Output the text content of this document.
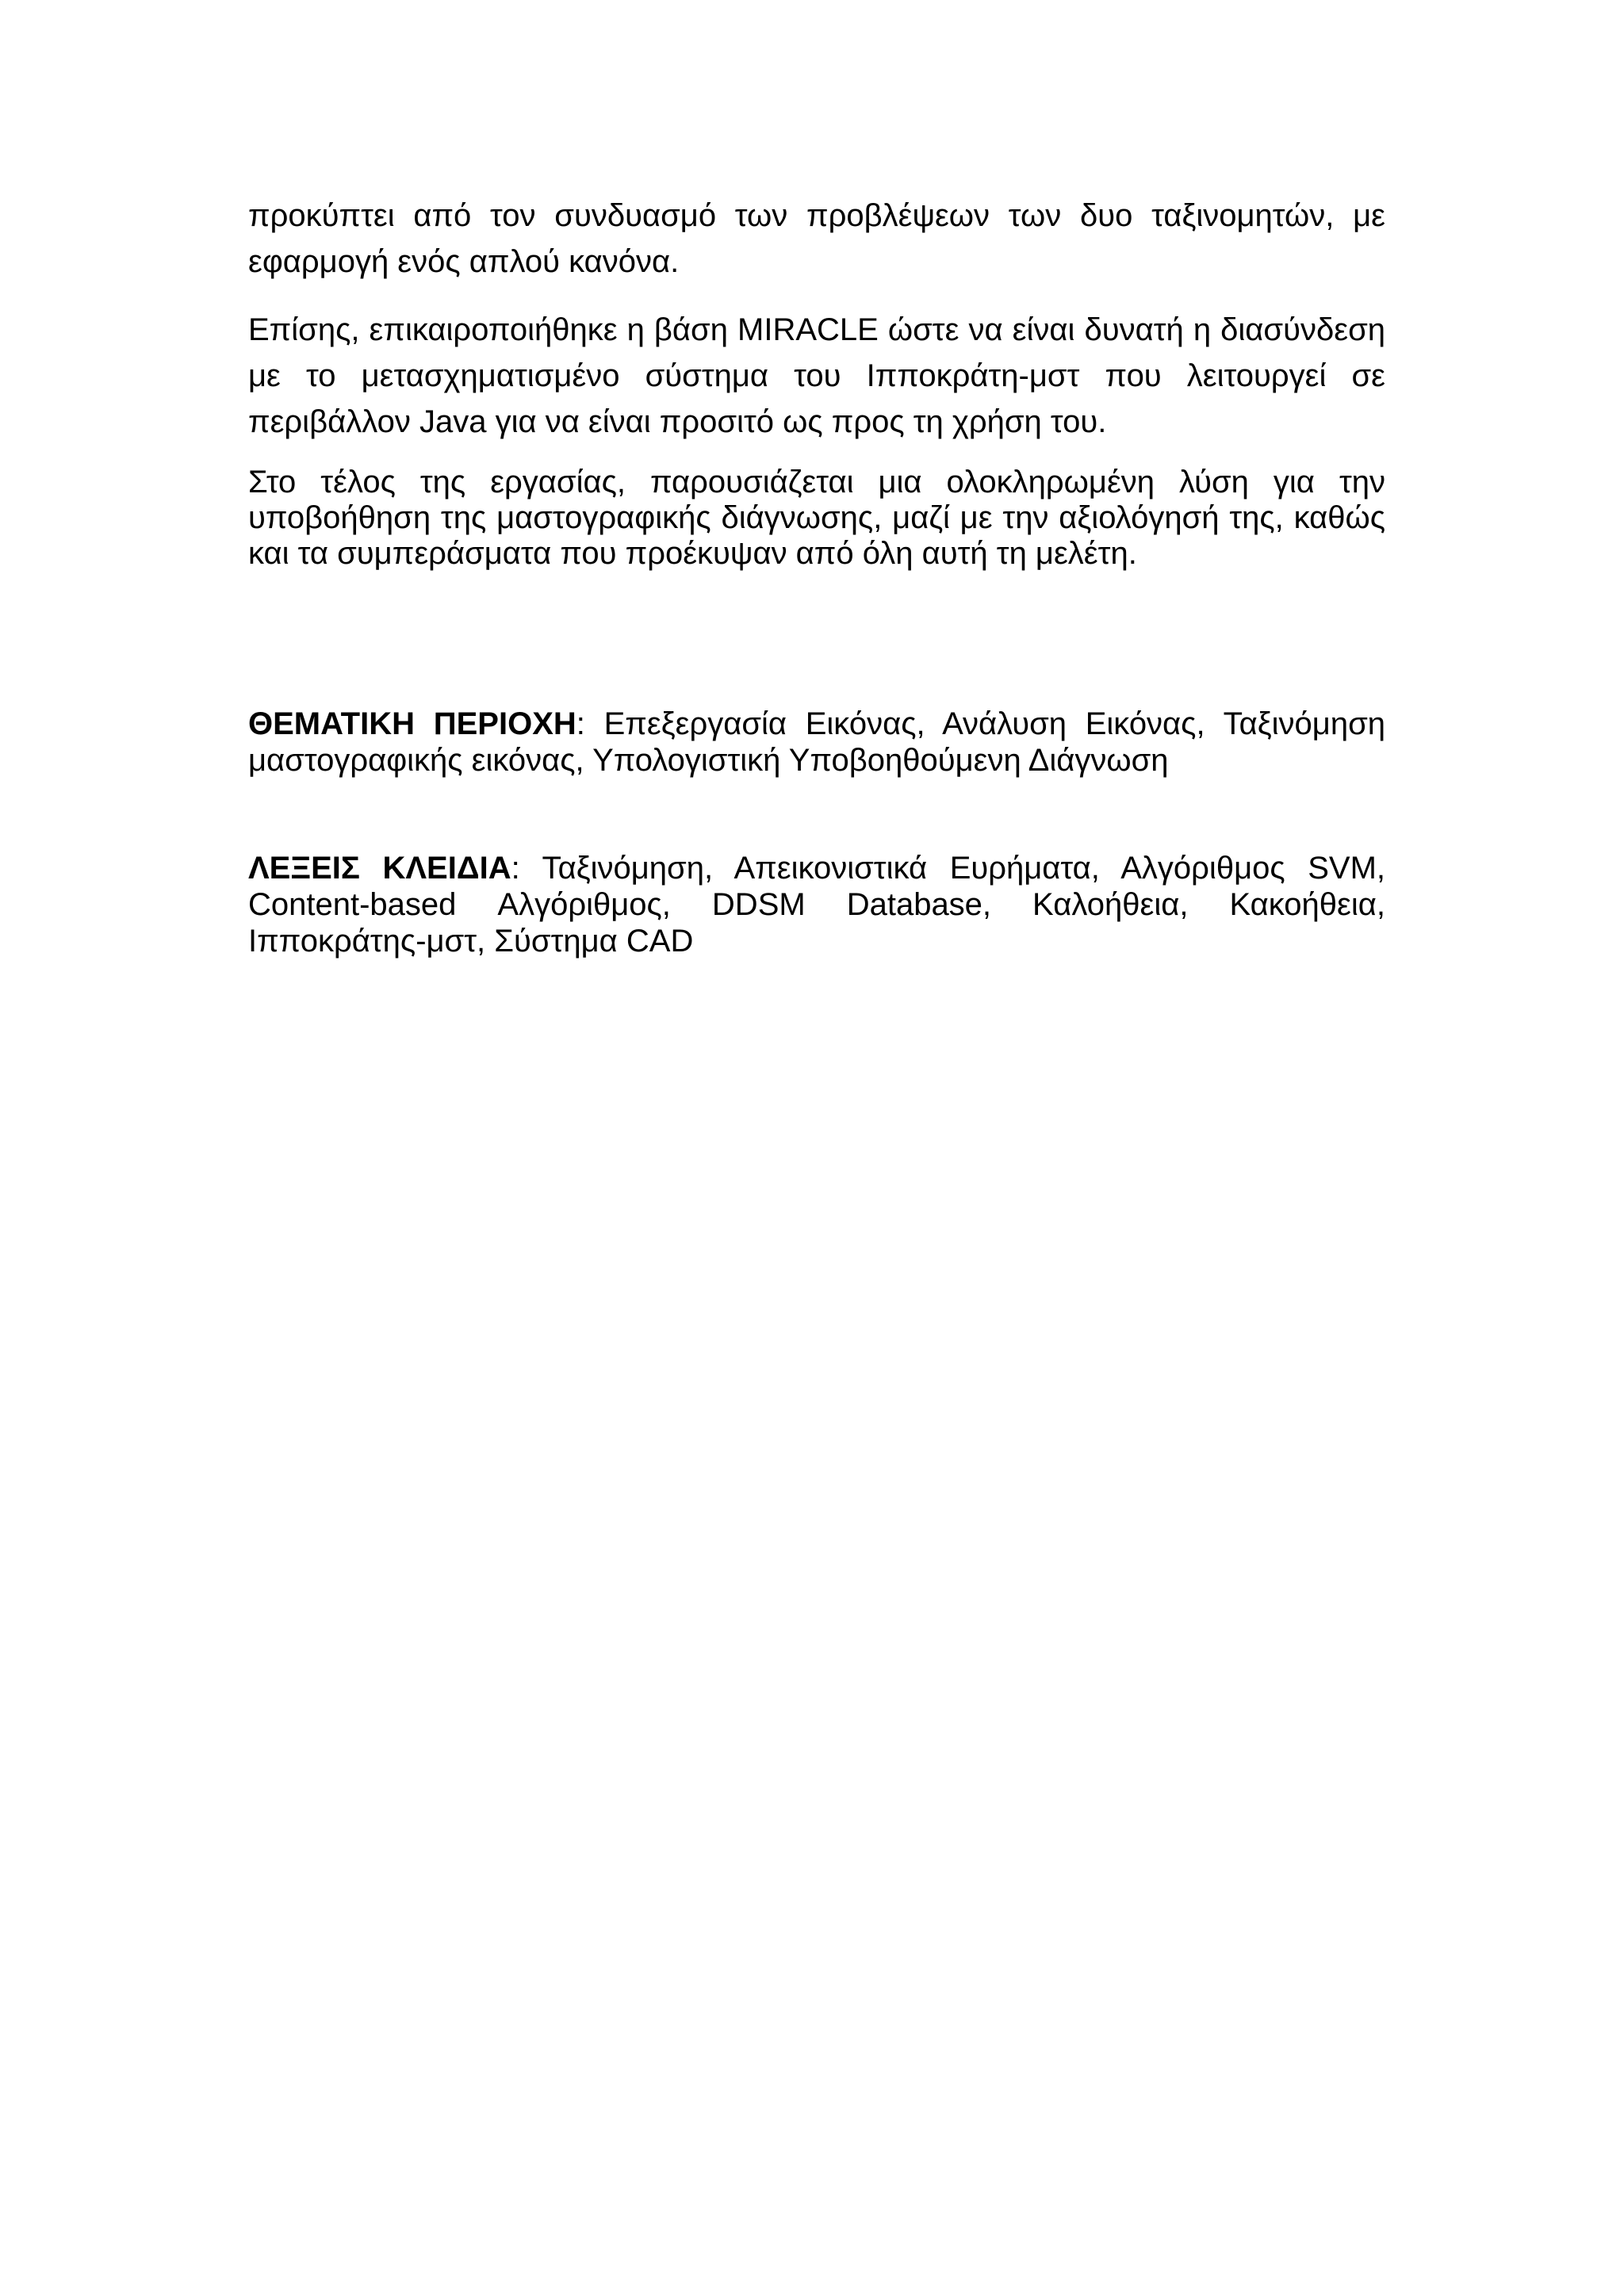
προκύπτει από τον συνδυασμό των προβλέψεων των δυο ταξινομητών, με εφαρμογή ενός απλού κανόνα.

Επίσης, επικαιροποιήθηκε η βάση MIRACLE ώστε να είναι δυνατή η διασύνδεση με το μετασχηματισμένο σύστημα του Ιπποκράτη-μστ που λειτουργεί σε περιβάλλον Java για να είναι προσιτό ως προς τη χρήση του.

Στο τέλος της εργασίας, παρουσιάζεται μια ολοκληρωμένη λύση για την υποβοήθηση της μαστογραφικής διάγνωσης, μαζί με την αξιολόγησή της, καθώς και τα συμπεράσματα που προέκυψαν από όλη αυτή τη μελέτη.

ΘΕΜΑΤΙΚΗ ΠΕΡΙΟΧΗ: Επεξεργασία Εικόνας, Ανάλυση Εικόνας, Ταξινόμηση μαστογραφικής εικόνας, Υπολογιστική Υποβοηθούμενη Διάγνωση

ΛΕΞΕΙΣ ΚΛΕΙΔΙΑ: Ταξινόμηση, Απεικονιστικά Ευρήματα, Αλγόριθμος SVM, Content-based Αλγόριθμος, DDSM Database, Καλοήθεια, Κακοήθεια, Ιπποκράτης-μστ, Σύστημα CAD
